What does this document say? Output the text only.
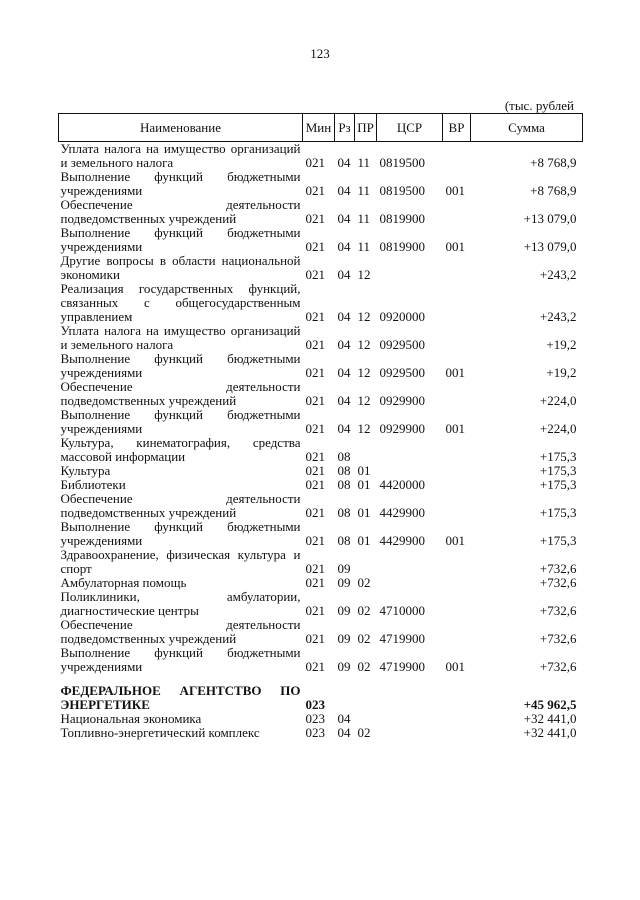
123
(тыс. рублей
Наименование	Мин	Рз	ПР	ЦСР	ВР	Сумма

Уплата налога на имущество организаций и земельного налога	021	04	11	0819500		+8 768,9

Выполнение функций бюджетными учреждениями	021	04	11	0819500	001	+8 768,9

Обеспечение деятельности подведомственных учреждений	021	04	11	0819900		+13 079,0

Выполнение функций бюджетными учреждениями	021	04	11	0819900	001	+13 079,0

Другие вопросы в области национальной экономики	021	04	12			+243,2

Реализация государственных функций, связанных с общегосударственным управлением	021	04	12	0920000		+243,2

Уплата налога на имущество организаций и земельного налога	021	04	12	0929500		+19,2

Выполнение функций бюджетными учреждениями	021	04	12	0929500	001	+19,2

Обеспечение деятельности подведомственных учреждений	021	04	12	0929900		+224,0

Выполнение функций бюджетными учреждениями	021	04	12	0929900	001	+224,0

Культура, кинематография, средства массовой информации	021	08				+175,3

Культура	021	08	01			+175,3

Библиотеки	021	08	01	4420000		+175,3

Обеспечение деятельности подведомственных учреждений	021	08	01	4429900		+175,3

Выполнение функций бюджетными учреждениями	021	08	01	4429900	001	+175,3

Здравоохранение, физическая культура и спорт	021	09				+732,6

Амбулаторная помощь	021	09	02			+732,6

Поликлиники, амбулатории, диагностические центры	021	09	02	4710000		+732,6

Обеспечение деятельности подведомственных учреждений	021	09	02	4719900		+732,6

Выполнение функций бюджетными учреждениями	021	09	02	4719900	001	+732,6

ФЕДЕРАЛЬНОЕ АГЕНТСТВО ПО ЭНЕРГЕТИКЕ	023					+45 962,5

Национальная экономика	023	04				+32 441,0

Топливно-энергетический комплекс	023	04	02			+32 441,0
